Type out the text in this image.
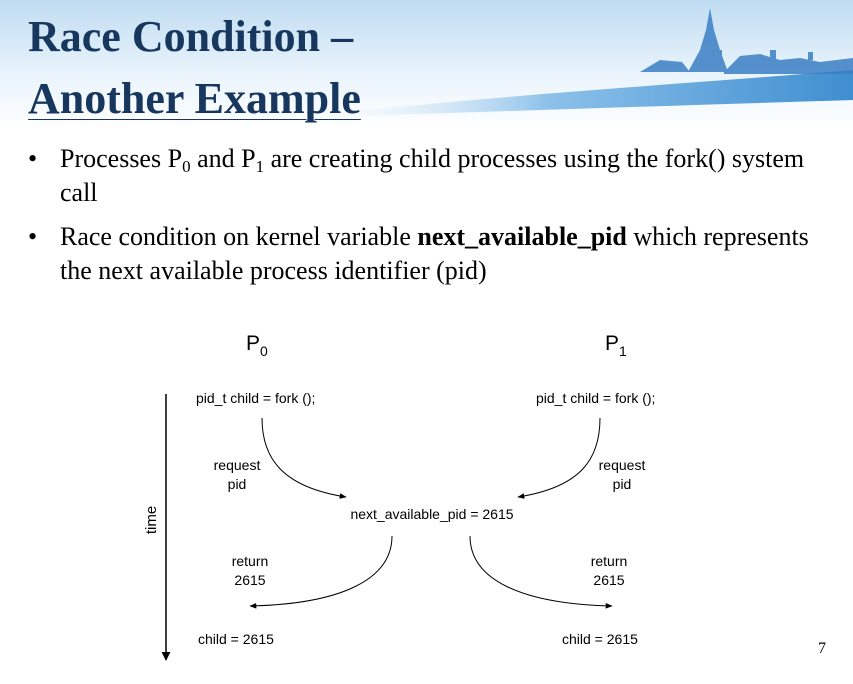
Race Condition –
Another Example
• Processes $P_0$ and $P_1$ are creating child processes using the fork() system call
• Race condition on kernel variable next_available_pid which represents the next available process identifier (pid)
$P_0$	$P_1$
time
pid_t child = fork ();	pid_t child = fork ();
request
pid
request
pid
next_available_pid = 2615
return
2615
return
2615
child = 2615	child = 2615
7
